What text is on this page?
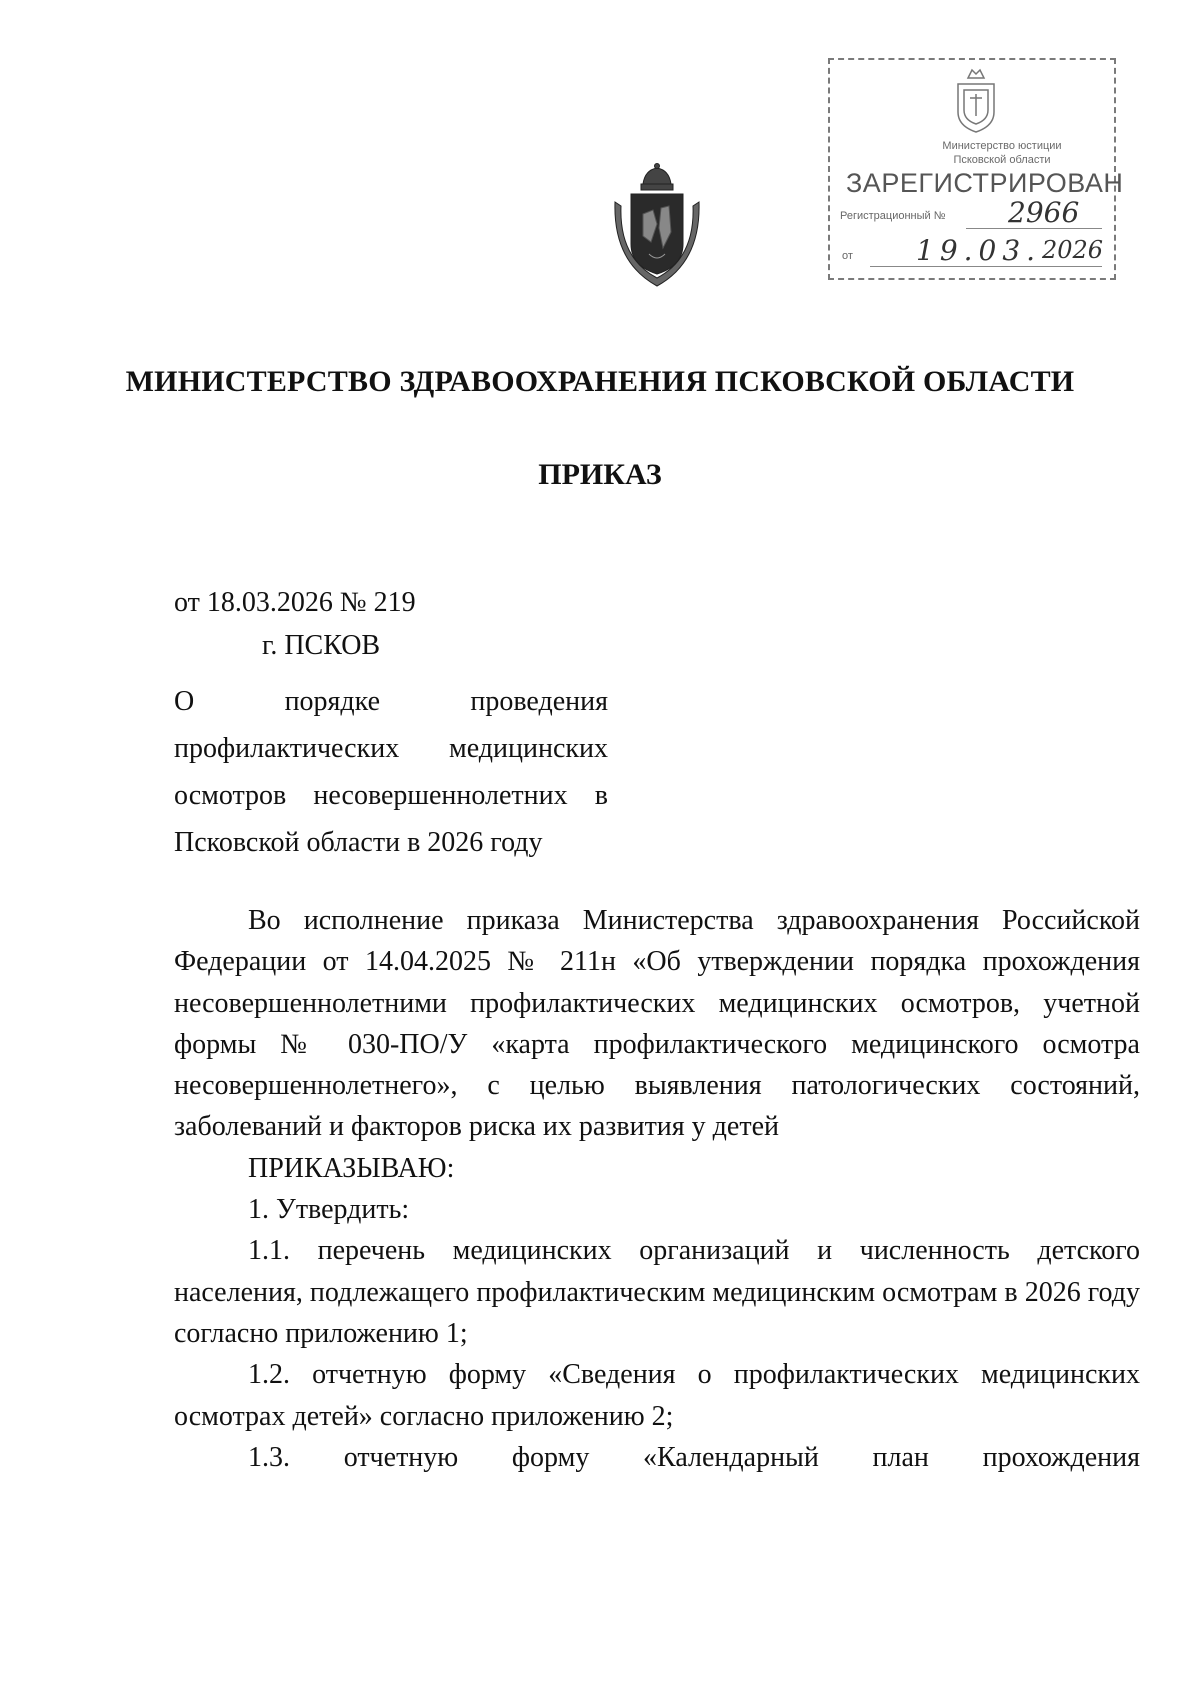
Министерство юстиции
Псковской области
ЗАРЕГИСТРИРОВАН
Регистрационный № 2966
от 19.03. 2026
МИНИСТЕРСТВО ЗДРАВООХРАНЕНИЯ ПСКОВСКОЙ ОБЛАСТИ
ПРИКАЗ
от 18.03.2026 № 219
г. ПСКОВ
О порядке проведения профилактических медицинских осмотров несовершеннолетних в Псковской области в 2026 году

Во исполнение приказа Министерства здравоохранения Российской Федерации от 14.04.2025 № 211н «Об утверждении порядка прохождения несовершеннолетними профилактических медицинских осмотров, учетной формы № 030-ПО/У «карта профилактического медицинского осмотра несовершеннолетнего», с целью выявления патологических состояний, заболеваний и факторов риска их развития у детей

ПРИКАЗЫВАЮ:

1. Утвердить:

1.1. перечень медицинских организаций и численность детского населения, подлежащего профилактическим медицинским осмотрам в 2026 году согласно приложению 1;

1.2. отчетную форму «Сведения о профилактических медицинских осмотрах детей» согласно приложению 2;

1.3. отчетную форму «Календарный план прохождения
